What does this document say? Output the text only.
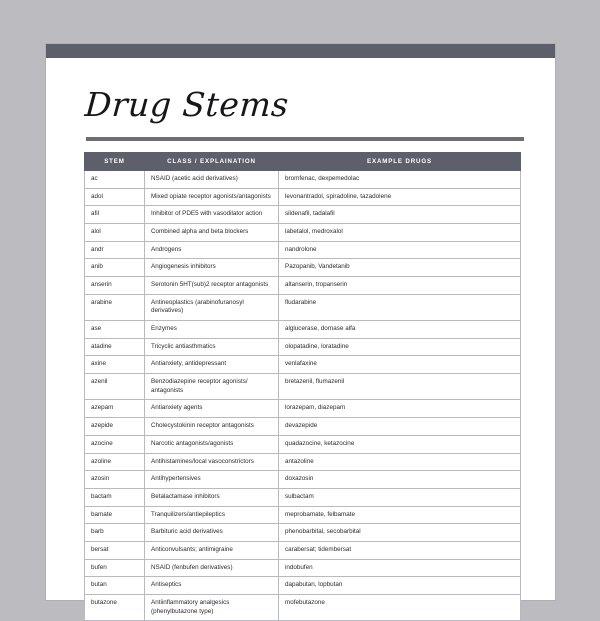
Drug Stems
STEM	CLASS / EXPLAINATION	EXAMPLE DRUGS
ac	NSAID (acetic acid derivatives)	bromfenac, dexpemedolac
adol	Mixed opiate receptor agonists/antagonists	levonantradol, spiradoline, tazadolene
afil	Inhibitor of PDE5 with vasodilator action	sildenafil, tadalafil
alol	Combined alpha and beta blockers	labetalol, medroxalol
andr	Androgens	nandrolone
anib	Angiogenesis inhibitors	Pazopanib, Vandetanib
anserin	Serotonin 5HT(sub)2 receptor antagonists	altanserin, tropanserin
arabine	Antineoplastics (arabinofuranosyl derivatives)	fludarabine
ase	Enzymes	alglucerase, dornase alfa
atadine	Tricyclic antiasthmatics	olopatadine, loratadine
axine	Antianxiety, antidepressant	venlafaxine
azenil	Benzodiazepine receptor agonists/ antagonists	bretazenil, flumazenil
azepam	Antianxiety agents	lorazepam, diazepam
azepide	Cholecystokinin receptor antagonists	devazepide
azocine	Narcotic antagonists/agonists	quadazocine, ketazocine
azoline	Antihistamines/local vasoconstrictors	antazoline
azosin	Antihypertensives	doxazosin
bactam	Betalactamase inhibitors	sulbactam
bamate	Tranquilizers/antiepileptics	meprobamate, felbamate
barb	Barbituric acid derivatives	phenobarbital, secobarbital
bersat	Anticonvulsants; antimigraine	carabersat; tidembersat
bufen	NSAID (fenbufen derivatives)	indobufen
butan	Antiseptics	dapabutan, lopbutan
butazone	Antiinflammatory analgesics (phenylbutazone type)	mofebutazone
